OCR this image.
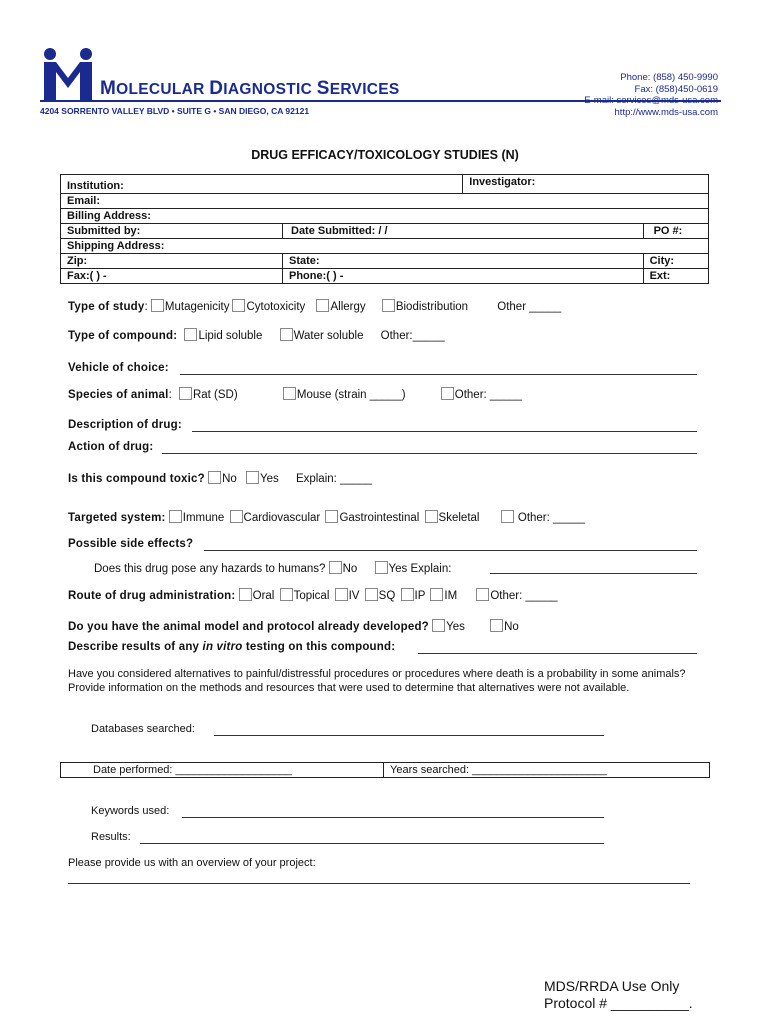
MOLECULAR DIAGNOSTIC SERVICES
4204 SORRENTO VALLEY BLVD • SUITE G • SAN DIEGO, CA 92121
Phone: (858) 450-9990
Fax: (858)450-0619
E-mail: services@mds-usa.com
http://www.mds-usa.com
DRUG EFFICACY/TOXICOLOGY STUDIES (N)
Institution:		Investigator:	
Email:			
Billing Address:			
Submitted by:	Date Submitted: / /		PO #:
Shipping Address:			
Zip:	State:		City:
Fax:( ) -	Phone:( ) -		Ext:
Type of study: Mutagenicity Cytotoxicity Allergy	Biodistribution	Other _____
Type of compound: Lipid soluble	Water soluble Other:_____
Vehicle of choice:
Species of animal: Rat (SD)	Mouse (strain _____)	Other: _____
Description of drug:
Action of drug:
Is this compound toxic? No Yes Explain: _____
Targeted system: Immune Cardiovascular Gastrointestinal Skeletal	Other: _____
Possible side effects?
Does this drug pose any hazards to humans? No	Yes Explain:
Route of drug administration: Oral Topical IV SQ IP IM	Other: _____
Do you have the animal model and protocol already developed? Yes	No
Describe results of any in vitro testing on this compound:
Have you considered alternatives to painful/distressful procedures or procedures where death is a probability in some animals? Provide information on the methods and resources that were used to determine that alternatives were not available.
Databases searched:
Date performed: ___________________	Years searched: ______________________
Keywords used:
Results:
Please provide us with an overview of your project:
MDS/RRDA Use Only
Protocol # __________.
